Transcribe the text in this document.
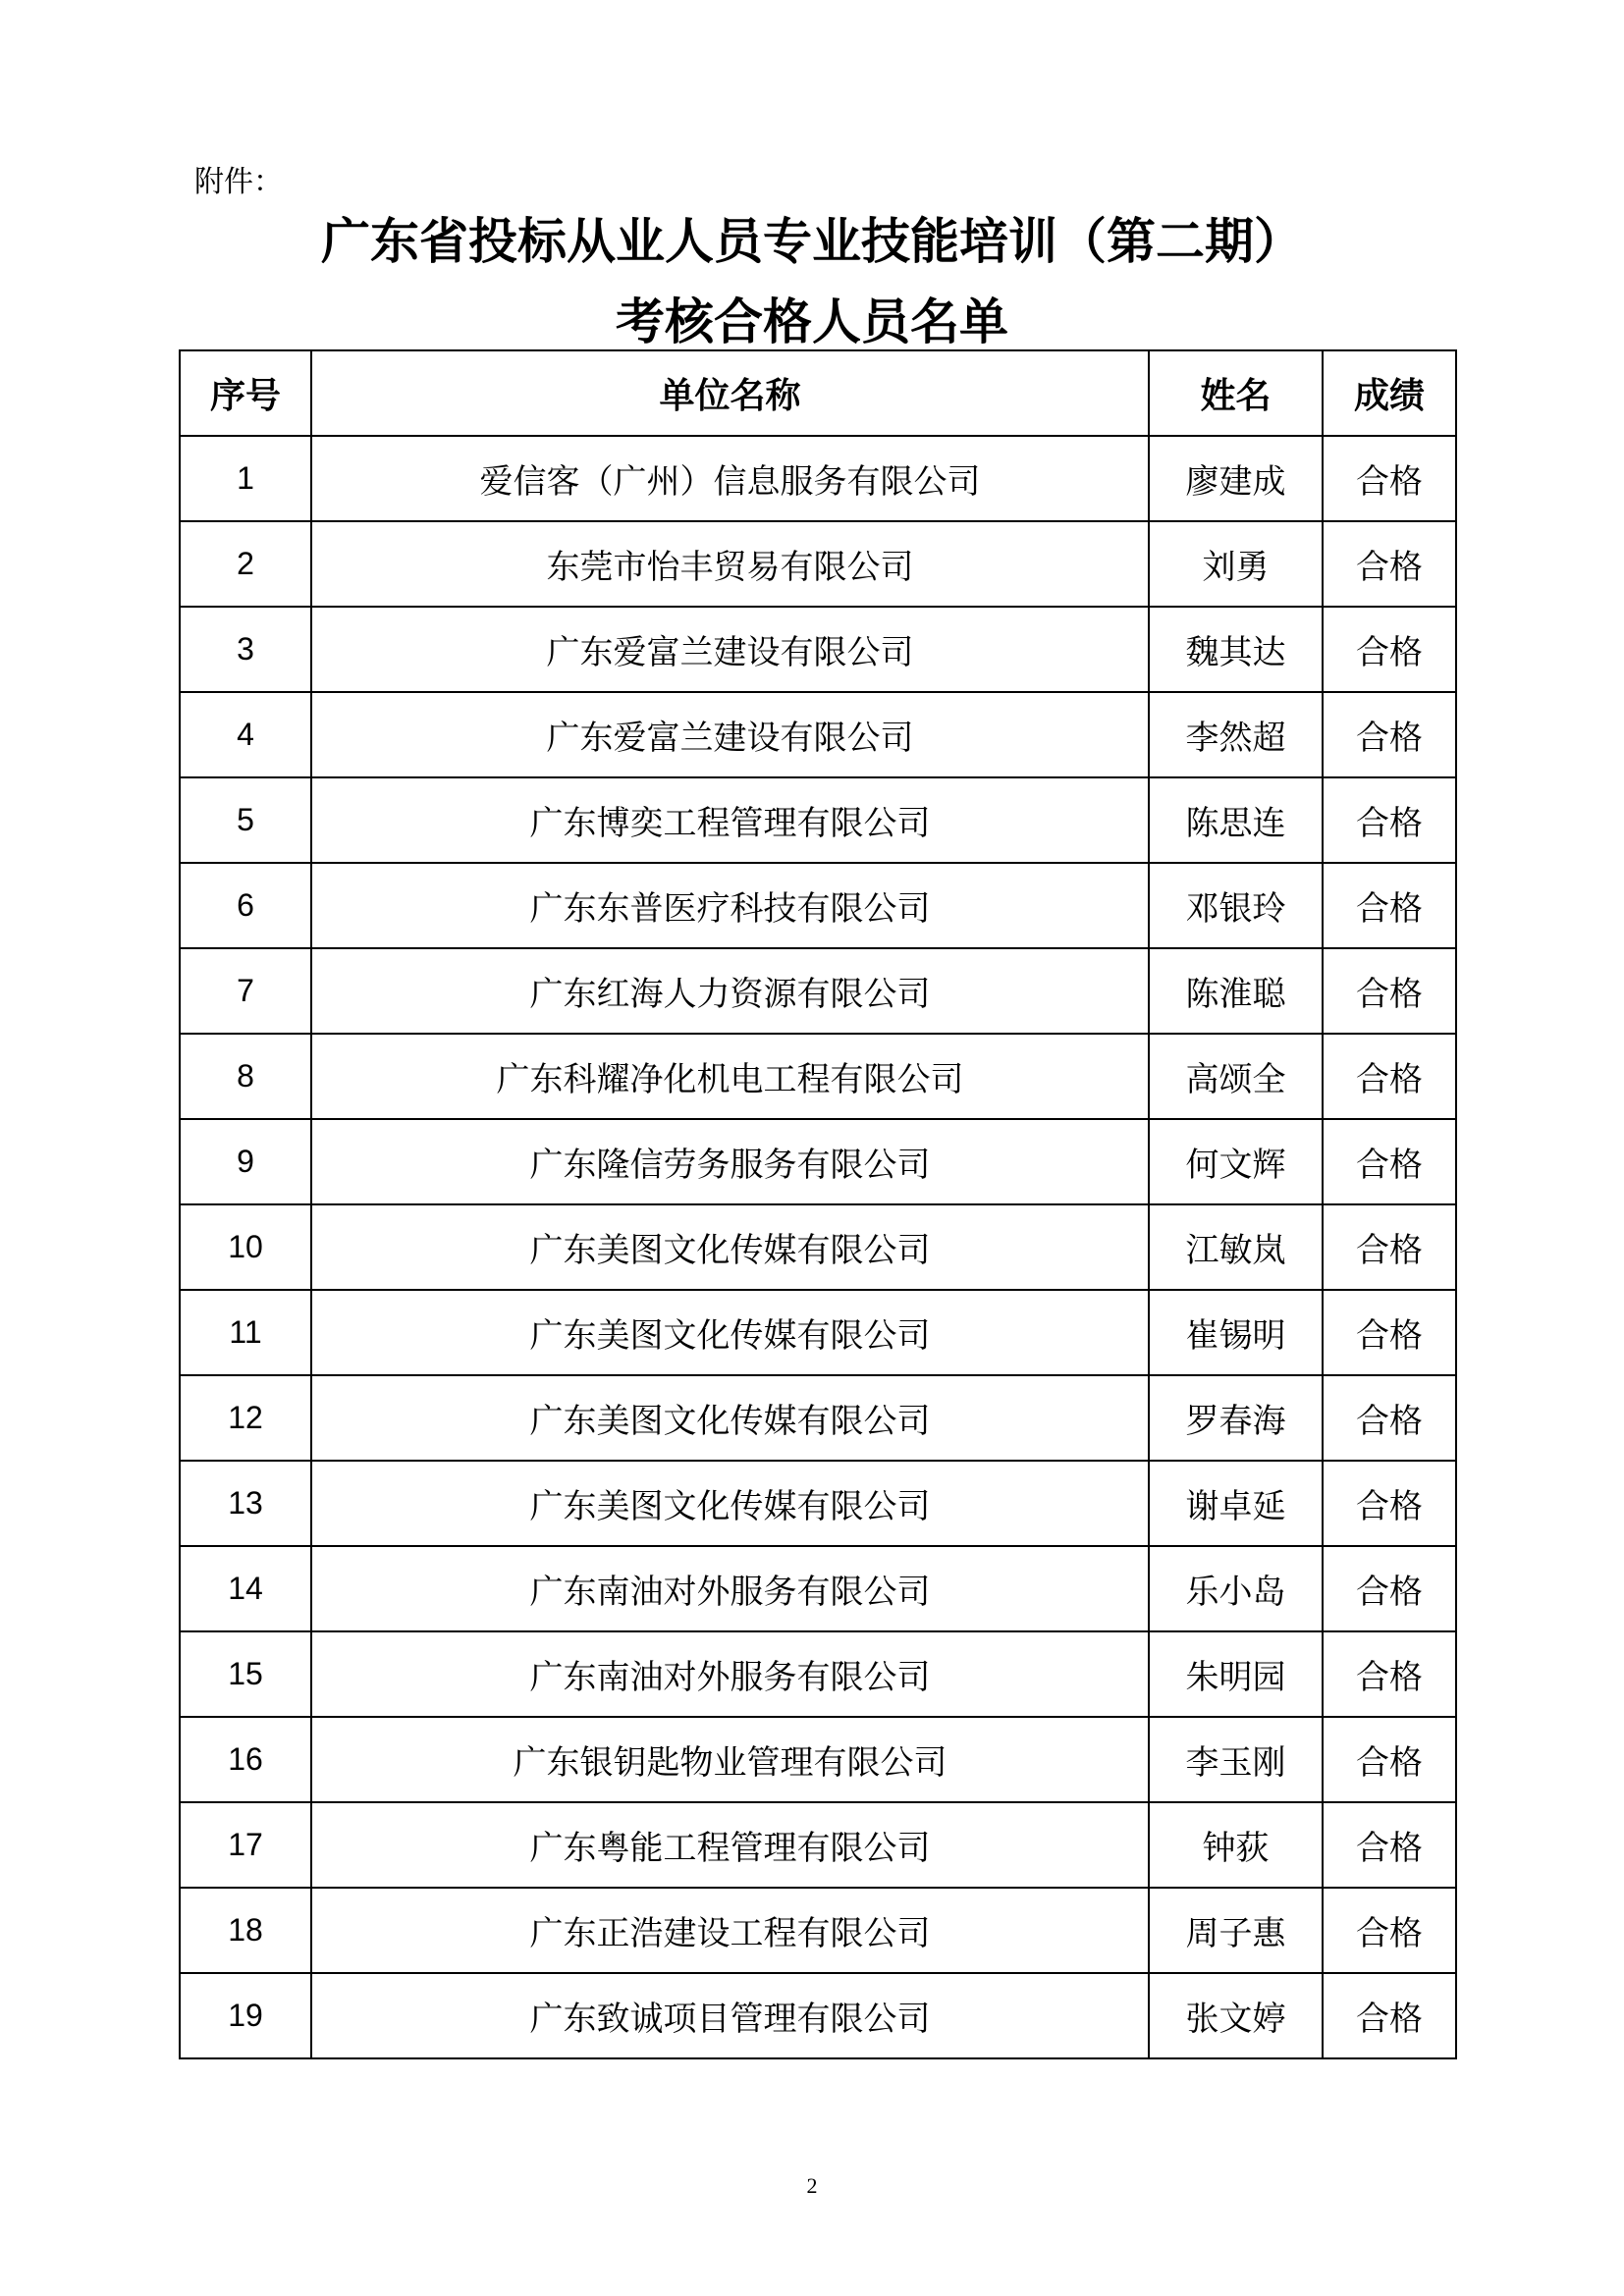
附件：
广东省投标从业人员专业技能培训（第二期）
考核合格人员名单
序号	单位名称	姓名	成绩
1	爱信客（广州）信息服务有限公司	廖建成	合格
2	东莞市怡丰贸易有限公司	刘勇	合格
3	广东爱富兰建设有限公司	魏其达	合格
4	广东爱富兰建设有限公司	李然超	合格
5	广东博奕工程管理有限公司	陈思连	合格
6	广东东普医疗科技有限公司	邓银玲	合格
7	广东红海人力资源有限公司	陈淮聪	合格
8	广东科耀净化机电工程有限公司	高颂全	合格
9	广东隆信劳务服务有限公司	何文辉	合格
10	广东美图文化传媒有限公司	江敏岚	合格
11	广东美图文化传媒有限公司	崔锡明	合格
12	广东美图文化传媒有限公司	罗春海	合格
13	广东美图文化传媒有限公司	谢卓延	合格
14	广东南油对外服务有限公司	乐小岛	合格
15	广东南油对外服务有限公司	朱明园	合格
16	广东银钥匙物业管理有限公司	李玉刚	合格
17	广东粤能工程管理有限公司	钟荻	合格
18	广东正浩建设工程有限公司	周子惠	合格
19	广东致诚项目管理有限公司	张文婷	合格
2
